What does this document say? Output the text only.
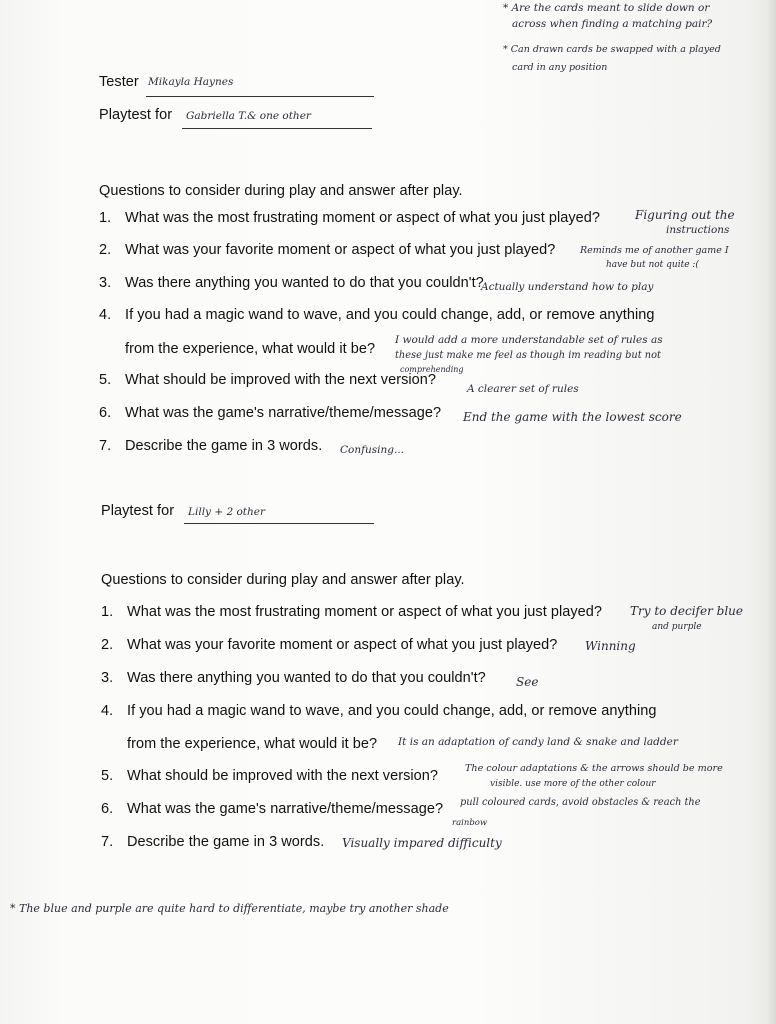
* Are the cards meant to slide down or
across when finding a matching pair?
* Can drawn cards be swapped with a played
card in any position
Tester Mikayla Haynes
Playtest for Gabriella T.& one other
Questions to consider during play and answer after play.
1. What was the most frustrating moment or aspect of what you just played?
2. What was your favorite moment or aspect of what you just played?
3. Was there anything you wanted to do that you couldn't?
4. If you had a magic wand to wave, and you could change, add, or remove anything
from the experience, what would it be?
5. What should be improved with the next version?
6. What was the game's narrative/theme/message?
7. Describe the game in 3 words.
Figuring out the
instructions
Reminds me of another game I
have but not quite :(
Actually understand how to play
I would add a more understandable set of rules as
these just make me feel as though im reading but not
comprehending
A clearer set of rules
End the game with the lowest score
Confusing...
Playtest for Lilly + 2 other
Questions to consider during play and answer after play.
1. What was the most frustrating moment or aspect of what you just played?
2. What was your favorite moment or aspect of what you just played?
3. Was there anything you wanted to do that you couldn't?
4. If you had a magic wand to wave, and you could change, add, or remove anything
from the experience, what would it be?
5. What should be improved with the next version?
6. What was the game's narrative/theme/message?
7. Describe the game in 3 words.
Try to decifer blue
and purple
Winning
See
It is an adaptation of candy land & snake and ladder
The colour adaptations & the arrows should be more
visible. use more of the other colour
pull coloured cards, avoid obstacles & reach the
rainbow
Visually impared difficulty
* The blue and purple are quite hard to differentiate, maybe try another shade
